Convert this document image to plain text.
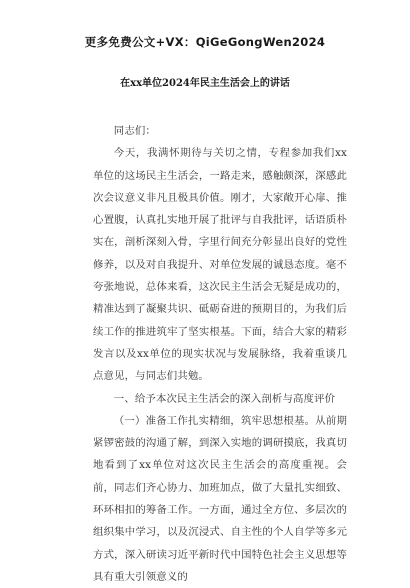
更多免费公文+VX：QiGeGongWen2024
在xx单位2024年民主生活会上的讲话

同志们：

今天，我满怀期待与关切之情，专程参加我们xx单位的这场民主生活会，一路走来，感触颇深，深感此次会议意义非凡且极具价值。刚才，大家敞开心扉、推心置腹，认真扎实地开展了批评与自我批评，话语质朴实在，剖析深刻入骨，字里行间充分彰显出良好的党性修养，以及对自我提升、对单位发展的诚恳态度。毫不夸张地说，总体来看，这次民主生活会无疑是成功的，精准达到了凝聚共识、砥砺奋进的预期目的，为我们后续工作的推进筑牢了坚实根基。下面，结合大家的精彩发言以及xx单位的现实状况与发展脉络，我着重谈几点意见，与同志们共勉。

一、给予本次民主生活会的深入剖析与高度评价

（一）准备工作扎实精细，筑牢思想根基。从前期紧锣密鼓的沟通了解，到深入实地的调研摸底，我真切地看到了xx单位对这次民主生活会的高度重视。会前，同志们齐心协力、加班加点，做了大量扎实细致、环环相扣的筹备工作。一方面，通过全方位、多层次的组织集中学习，以及沉浸式、自主性的个人自学等多元方式，深入研读习近平新时代中国特色社会主义思想等具有重大引领意义的
